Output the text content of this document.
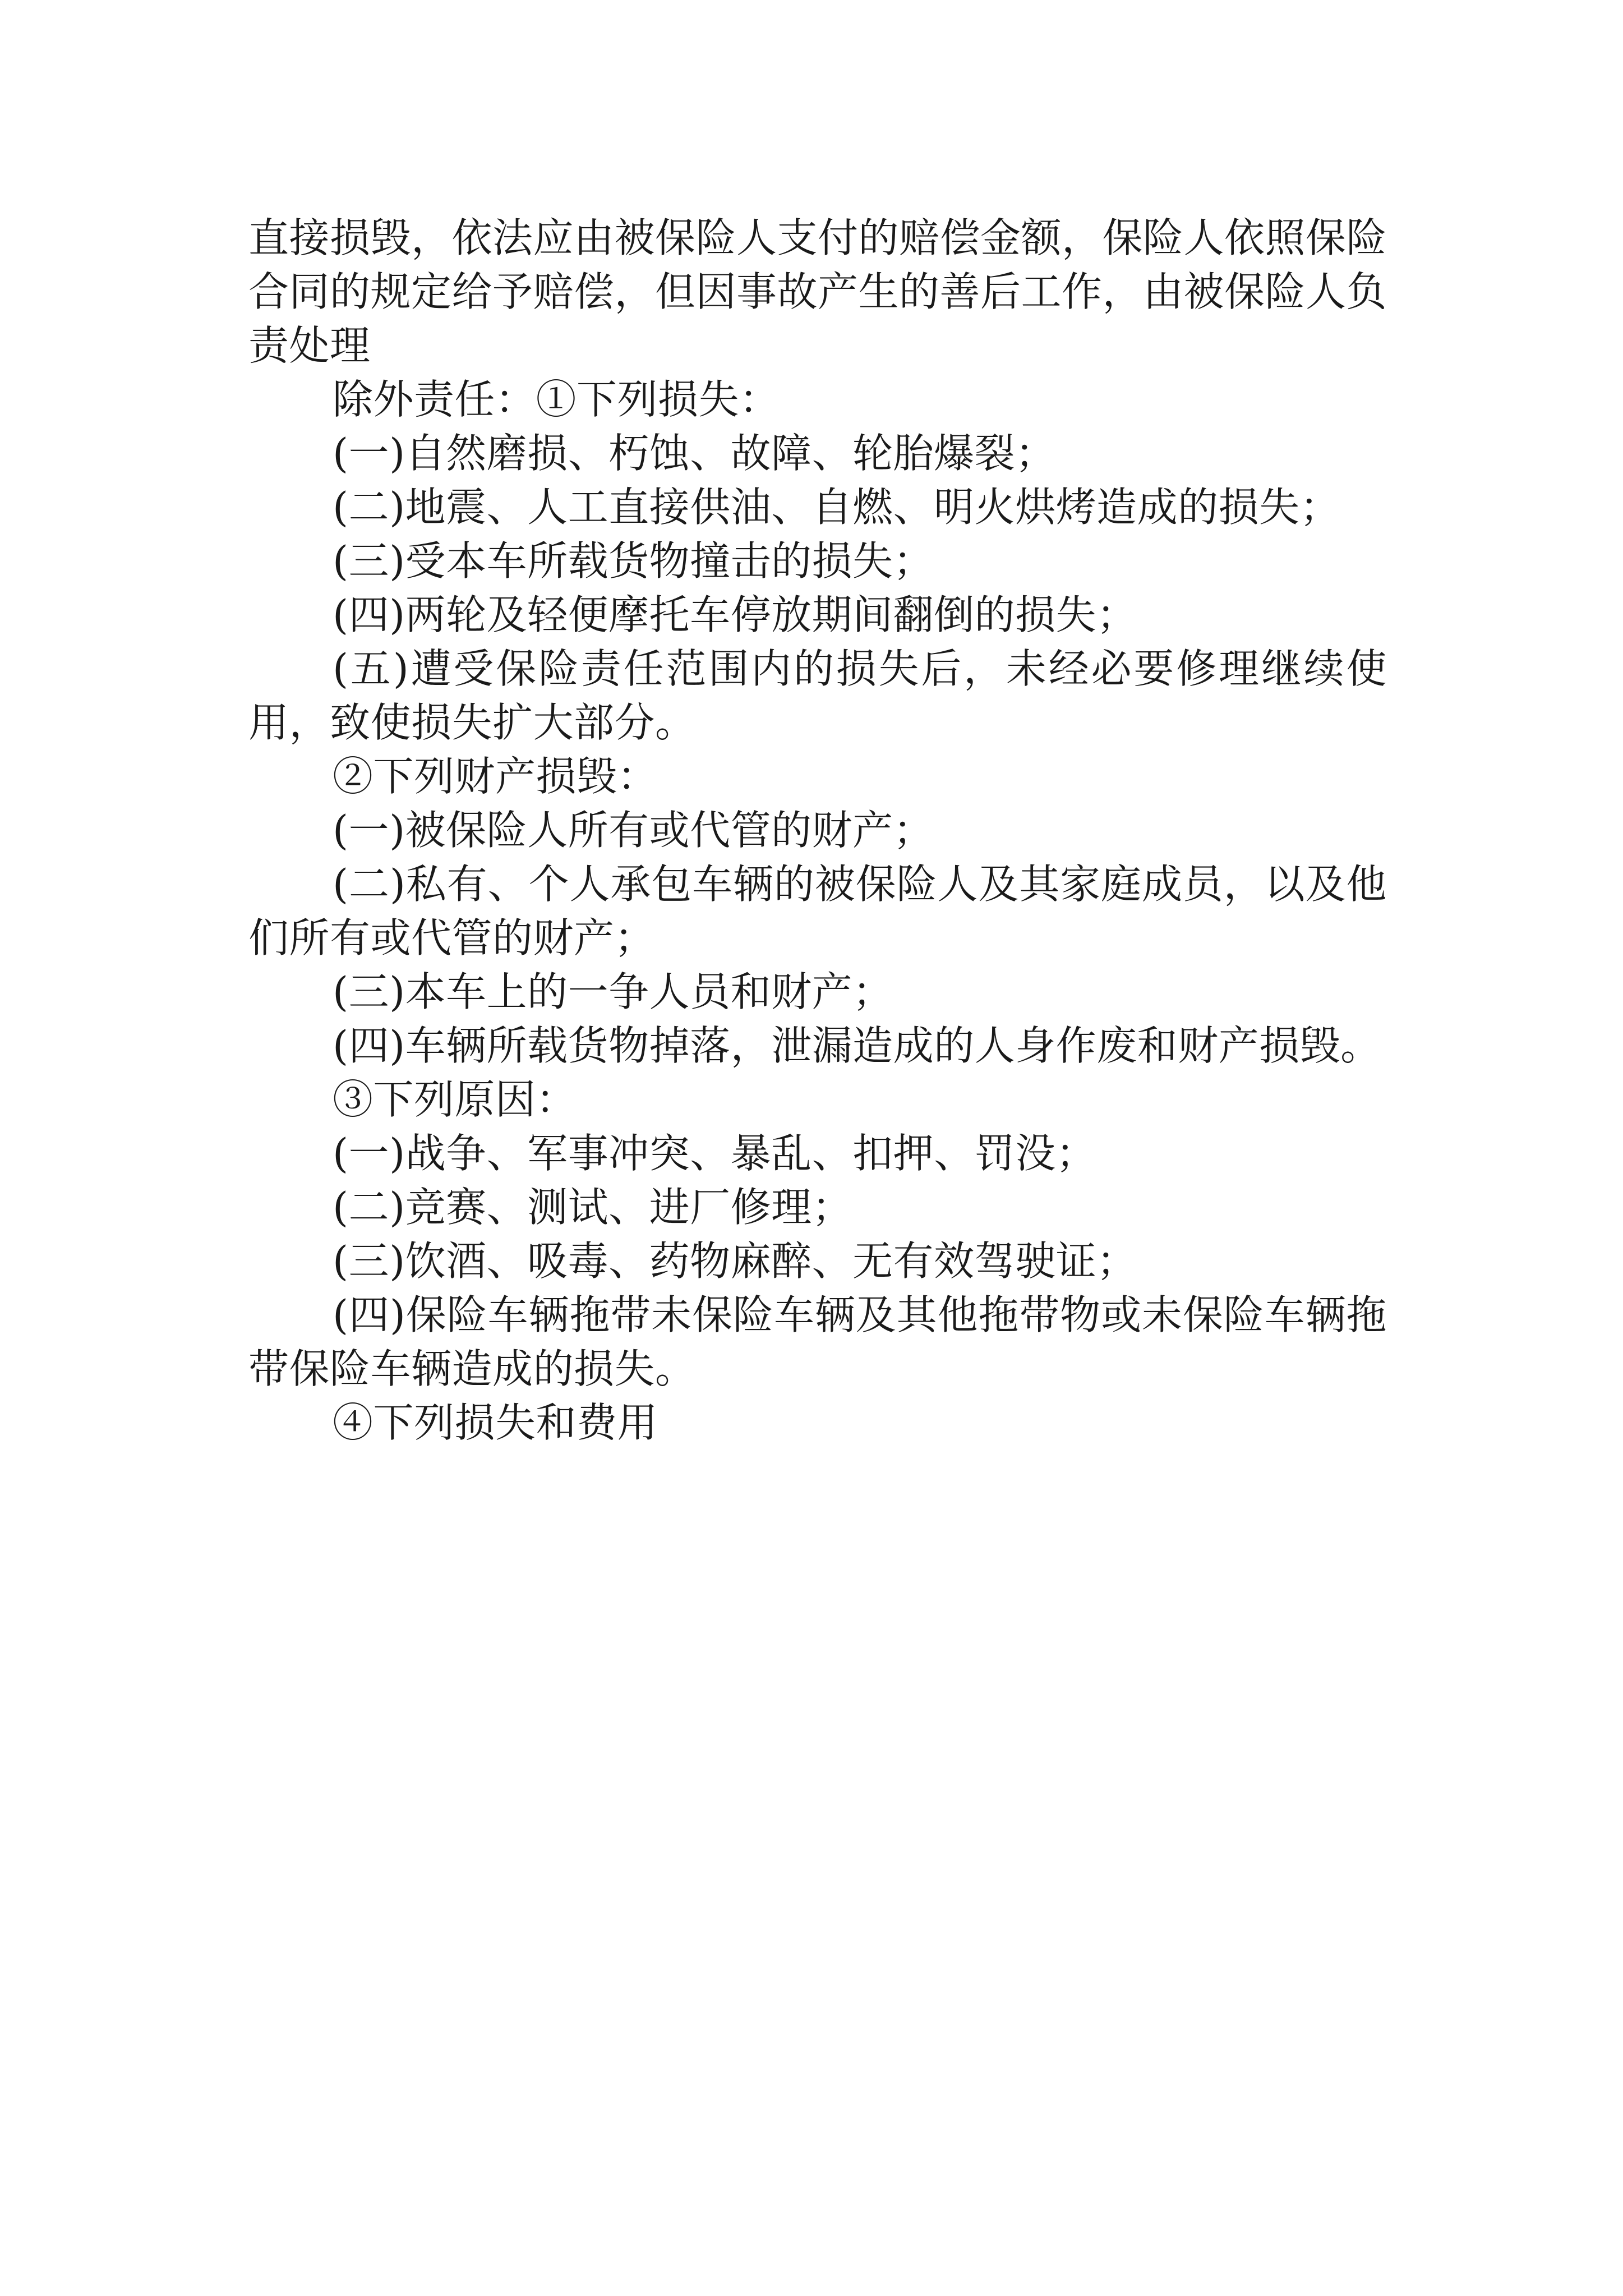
直接损毁，依法应由被保险人支付的赔偿金额，保险人依照保险合同的规定给予赔偿，但因事故产生的善后工作，由被保险人负责处理

除外责任：①下列损失：

(一)自然磨损、朽蚀、故障、轮胎爆裂；

(二)地震、人工直接供油、自燃、明火烘烤造成的损失；

(三)受本车所载货物撞击的损失；

(四)两轮及轻便摩托车停放期间翻倒的损失；

(五)遭受保险责任范围内的损失后，未经必要修理继续使用，致使损失扩大部分。

②下列财产损毁：

(一)被保险人所有或代管的财产；

(二)私有、个人承包车辆的被保险人及其家庭成员，以及他们所有或代管的财产；

(三)本车上的一争人员和财产；

(四)车辆所载货物掉落，泄漏造成的人身作废和财产损毁。

③下列原因：

(一)战争、军事冲突、暴乱、扣押、罚没；

(二)竞赛、测试、进厂修理；

(三)饮酒、吸毒、药物麻醉、无有效驾驶证；

(四)保险车辆拖带未保险车辆及其他拖带物或未保险车辆拖带保险车辆造成的损失。

④下列损失和费用
